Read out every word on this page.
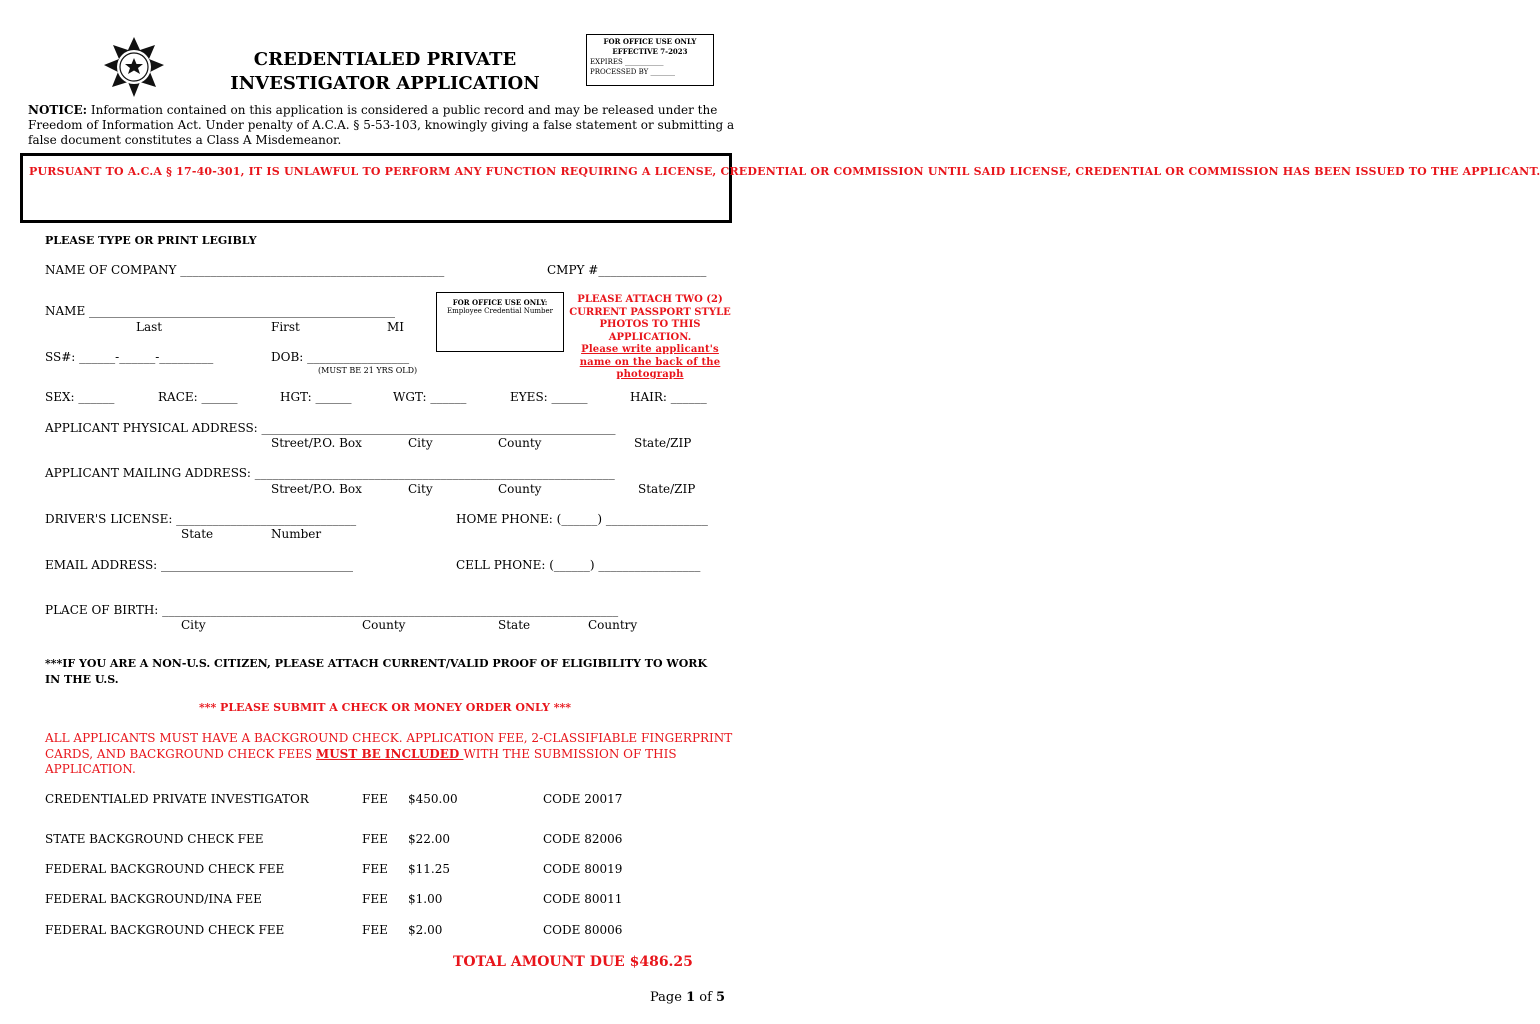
CREDENTIALED PRIVATE
INVESTIGATOR APPLICATION
FOR OFFICE USE ONLY
EFFECTIVE 7-2023
EXPIRES ___________
PROCESSED BY _______
NOTICE: Information contained on this application is considered a public record and may be released under the Freedom of Information Act. Under penalty of A.C.A. § 5-53-103, knowingly giving a false statement or submitting a false document constitutes a Class A Misdemeanor.
PURSUANT TO A.C.A § 17-40-301, IT IS UNLAWFUL TO PERFORM ANY FUNCTION REQUIRING A LICENSE, CREDENTIAL OR COMMISSION UNTIL SAID LICENSE, CREDENTIAL OR COMMISSION HAS BEEN ISSUED TO THE APPLICANT.
PLEASE TYPE OR PRINT LEGIBLY
NAME OF COMPANY ____________________________________________	CMPY #__________________
NAME ___________________________________________________
Last	First	MI
FOR OFFICE USE ONLY:
Employee Credential Number
PLEASE ATTACH TWO (2) CURRENT PASSPORT STYLE PHOTOS TO THIS APPLICATION.
Please write applicant's name on the back of the photograph
SS#: ______-______-_________	DOB: _________________
(MUST BE 21 YRS OLD)
SEX: ______	RACE: ______	HGT: ______	WGT: ______	EYES: ______	HAIR: ______
APPLICANT PHYSICAL ADDRESS: ___________________________________________________________
Street/P.O. Box	City	County	State/ZIP
APPLICANT MAILING ADDRESS: ____________________________________________________________
Street/P.O. Box	City	County	State/ZIP
DRIVER'S LICENSE: ______________________________
State	Number
HOME PHONE: (______) _________________
EMAIL ADDRESS: ________________________________	CELL PHONE: (______) _________________
PLACE OF BIRTH: ____________________________________________________________________________
City	County	State	Country
***IF YOU ARE A NON-U.S. CITIZEN, PLEASE ATTACH CURRENT/VALID PROOF OF ELIGIBILITY TO WORK IN THE U.S.
*** PLEASE SUBMIT A CHECK OR MONEY ORDER ONLY ***
ALL APPLICANTS MUST HAVE A BACKGROUND CHECK. APPLICATION FEE, 2-CLASSIFIABLE FINGERPRINT CARDS, AND BACKGROUND CHECK FEES MUST BE INCLUDED WITH THE SUBMISSION OF THIS APPLICATION.
CREDENTIALED PRIVATE INVESTIGATOR	FEE $450.00	CODE 20017
STATE BACKGROUND CHECK FEE	FEE $22.00	CODE 82006
FEDERAL BACKGROUND CHECK FEE	FEE $11.25	CODE 80019
FEDERAL BACKGROUND/INA FEE	FEE $1.00	CODE 80011
FEDERAL BACKGROUND CHECK FEE	FEE $2.00	CODE 80006
TOTAL AMOUNT DUE $486.25
Page 1 of 5
